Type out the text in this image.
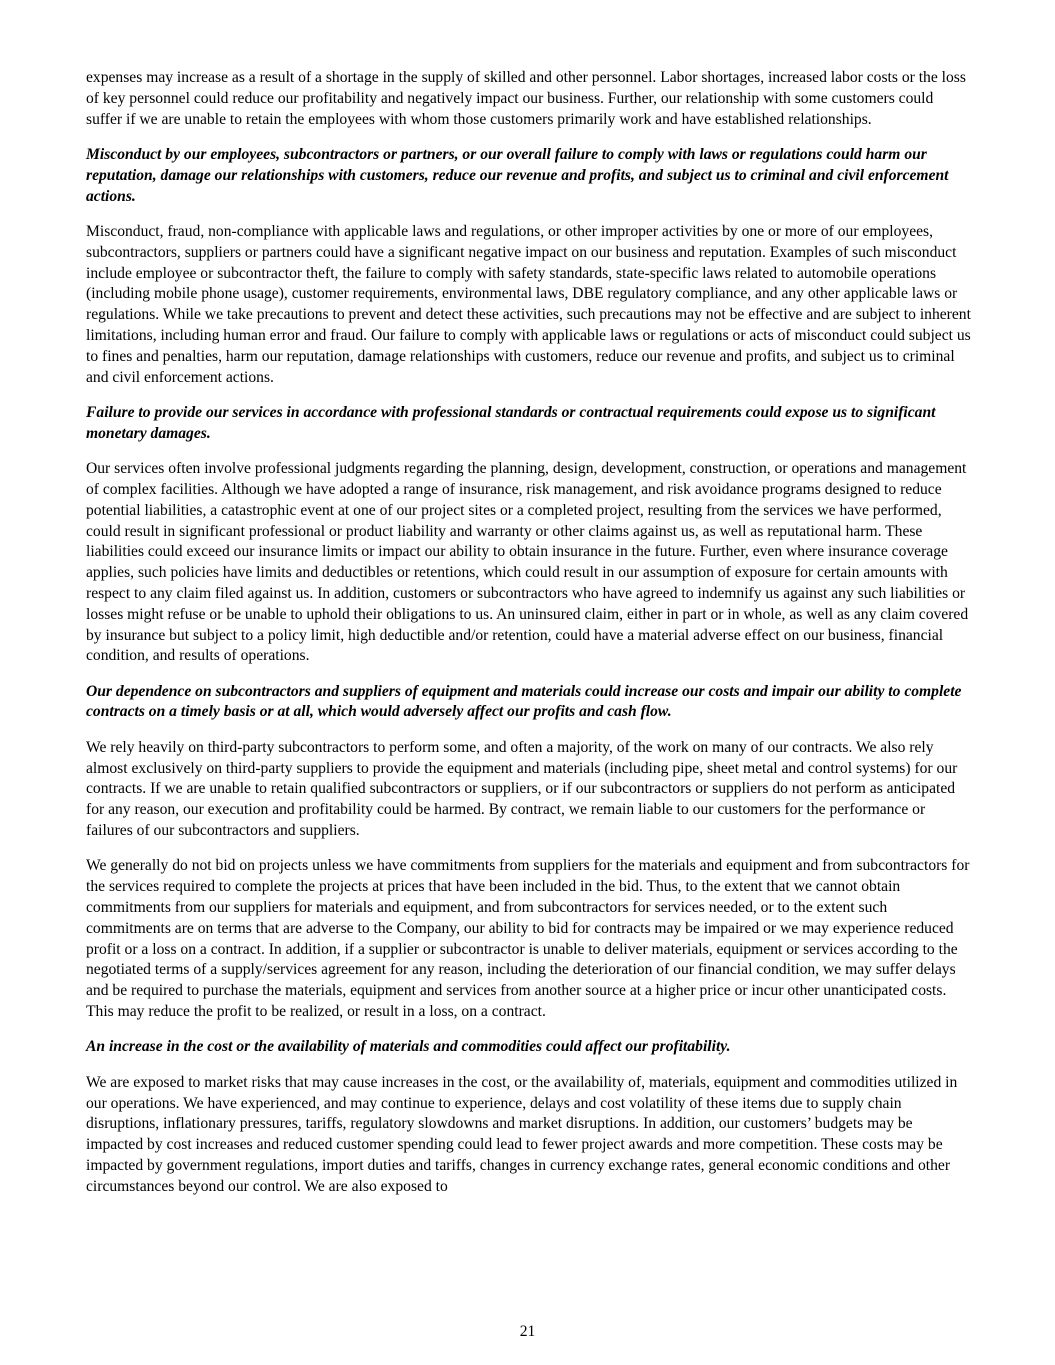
expenses may increase as a result of a shortage in the supply of skilled and other personnel. Labor shortages, increased labor costs or the loss of key personnel could reduce our profitability and negatively impact our business. Further, our relationship with some customers could suffer if we are unable to retain the employees with whom those customers primarily work and have established relationships.

Misconduct by our employees, subcontractors or partners, or our overall failure to comply with laws or regulations could harm our reputation, damage our relationships with customers, reduce our revenue and profits, and subject us to criminal and civil enforcement actions.

Misconduct, fraud, non-compliance with applicable laws and regulations, or other improper activities by one or more of our employees, subcontractors, suppliers or partners could have a significant negative impact on our business and reputation. Examples of such misconduct include employee or subcontractor theft, the failure to comply with safety standards, state-specific laws related to automobile operations (including mobile phone usage), customer requirements, environmental laws, DBE regulatory compliance, and any other applicable laws or regulations. While we take precautions to prevent and detect these activities, such precautions may not be effective and are subject to inherent limitations, including human error and fraud. Our failure to comply with applicable laws or regulations or acts of misconduct could subject us to fines and penalties, harm our reputation, damage relationships with customers, reduce our revenue and profits, and subject us to criminal and civil enforcement actions.

Failure to provide our services in accordance with professional standards or contractual requirements could expose us to significant monetary damages.

Our services often involve professional judgments regarding the planning, design, development, construction, or operations and management of complex facilities. Although we have adopted a range of insurance, risk management, and risk avoidance programs designed to reduce potential liabilities, a catastrophic event at one of our project sites or a completed project, resulting from the services we have performed, could result in significant professional or product liability and warranty or other claims against us, as well as reputational harm. These liabilities could exceed our insurance limits or impact our ability to obtain insurance in the future. Further, even where insurance coverage applies, such policies have limits and deductibles or retentions, which could result in our assumption of exposure for certain amounts with respect to any claim filed against us. In addition, customers or subcontractors who have agreed to indemnify us against any such liabilities or losses might refuse or be unable to uphold their obligations to us. An uninsured claim, either in part or in whole, as well as any claim covered by insurance but subject to a policy limit, high deductible and/or retention, could have a material adverse effect on our business, financial condition, and results of operations.

Our dependence on subcontractors and suppliers of equipment and materials could increase our costs and impair our ability to complete contracts on a timely basis or at all, which would adversely affect our profits and cash flow.

We rely heavily on third-party subcontractors to perform some, and often a majority, of the work on many of our contracts. We also rely almost exclusively on third-party suppliers to provide the equipment and materials (including pipe, sheet metal and control systems) for our contracts. If we are unable to retain qualified subcontractors or suppliers, or if our subcontractors or suppliers do not perform as anticipated for any reason, our execution and profitability could be harmed. By contract, we remain liable to our customers for the performance or failures of our subcontractors and suppliers.

We generally do not bid on projects unless we have commitments from suppliers for the materials and equipment and from subcontractors for the services required to complete the projects at prices that have been included in the bid. Thus, to the extent that we cannot obtain commitments from our suppliers for materials and equipment, and from subcontractors for services needed, or to the extent such commitments are on terms that are adverse to the Company, our ability to bid for contracts may be impaired or we may experience reduced profit or a loss on a contract. In addition, if a supplier or subcontractor is unable to deliver materials, equipment or services according to the negotiated terms of a supply/services agreement for any reason, including the deterioration of our financial condition, we may suffer delays and be required to purchase the materials, equipment and services from another source at a higher price or incur other unanticipated costs. This may reduce the profit to be realized, or result in a loss, on a contract.

An increase in the cost or the availability of materials and commodities could affect our profitability.

We are exposed to market risks that may cause increases in the cost, or the availability of, materials, equipment and commodities utilized in our operations. We have experienced, and may continue to experience, delays and cost volatility of these items due to supply chain disruptions, inflationary pressures, tariffs, regulatory slowdowns and market disruptions. In addition, our customers’ budgets may be impacted by cost increases and reduced customer spending could lead to fewer project awards and more competition. These costs may be impacted by government regulations, import duties and tariffs, changes in currency exchange rates, general economic conditions and other circumstances beyond our control. We are also exposed to

21
